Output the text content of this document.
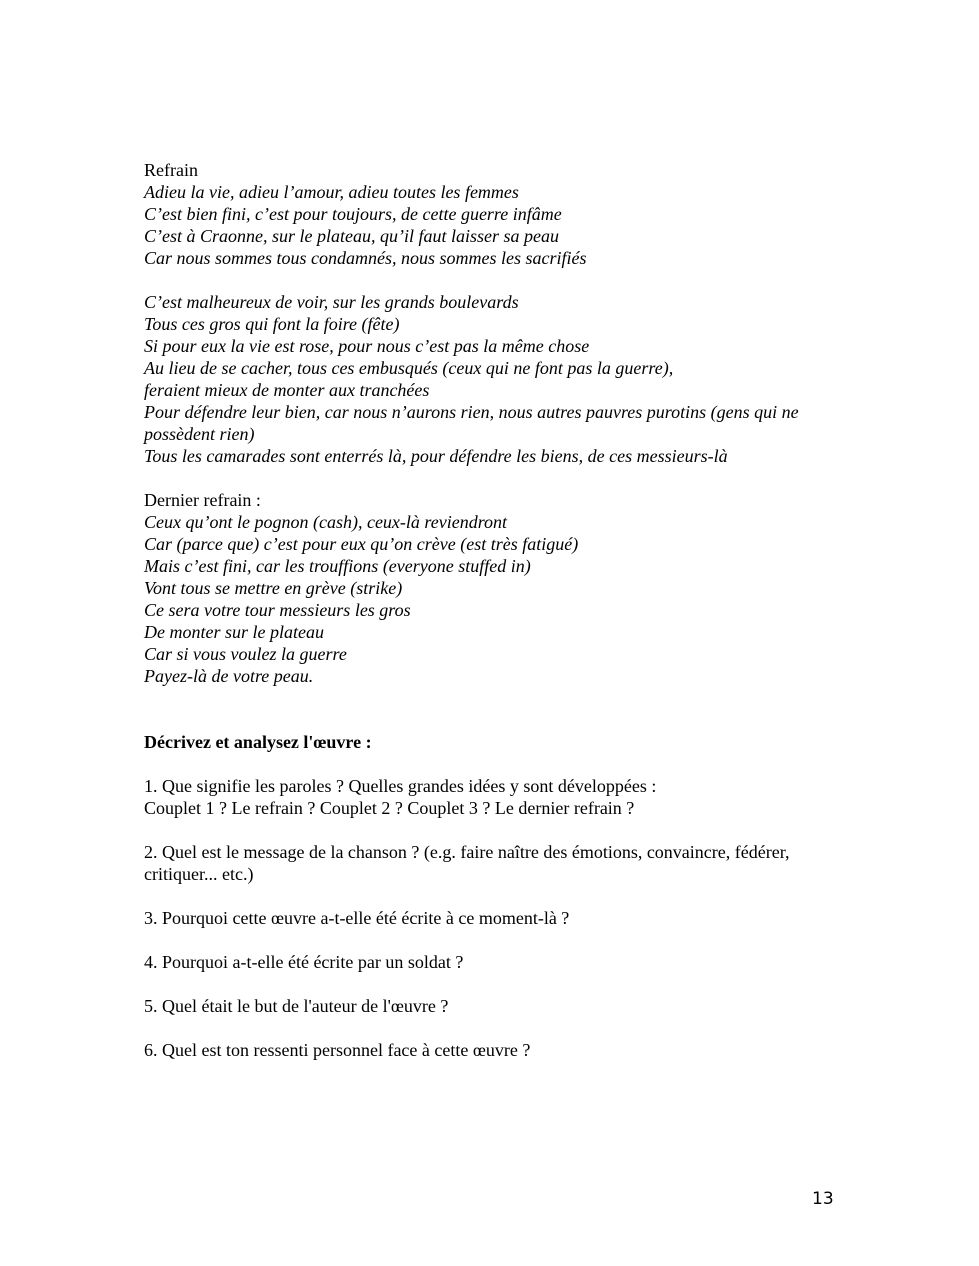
Refrain
Adieu la vie, adieu l’amour, adieu toutes les femmes
C’est bien fini, c’est pour toujours, de cette guerre infâme
C’est à Craonne, sur le plateau, qu’il faut laisser sa peau
Car nous sommes tous condamnés, nous sommes les sacrifiés
C’est malheureux de voir, sur les grands boulevards
Tous ces gros qui font la foire (fête)
Si pour eux la vie est rose, pour nous c’est pas la même chose
Au lieu de se cacher, tous ces embusqués (ceux qui ne font pas la guerre),
feraient mieux de monter aux tranchées
Pour défendre leur bien, car nous n’aurons rien, nous autres pauvres purotins (gens qui ne possèdent rien)
Tous les camarades sont enterrés là, pour défendre les biens, de ces messieurs-là
Dernier refrain :
Ceux qu’ont le pognon (cash), ceux-là reviendront
Car (parce que) c’est pour eux qu’on crève (est très fatigué)
Mais c’est fini, car les trouffions (everyone stuffed in)
Vont tous se mettre en grève (strike)
Ce sera votre tour messieurs les gros
De monter sur le plateau
Car si vous voulez la guerre
Payez-là de votre peau.
Décrivez et analysez l'œuvre :
1. Que signifie les paroles ? Quelles grandes idées y sont développées :
Couplet 1 ? Le refrain ? Couplet 2 ? Couplet 3 ? Le dernier refrain ?
2. Quel est le message de la chanson ? (e.g. faire naître des émotions, convaincre, fédérer, critiquer... etc.)
3. Pourquoi cette œuvre a-t-elle été écrite à ce moment-là ?
4. Pourquoi a-t-elle été écrite par un soldat ?
5. Quel était le but de l'auteur de l'œuvre ?
6. Quel est ton ressenti personnel face à cette œuvre ?
13
